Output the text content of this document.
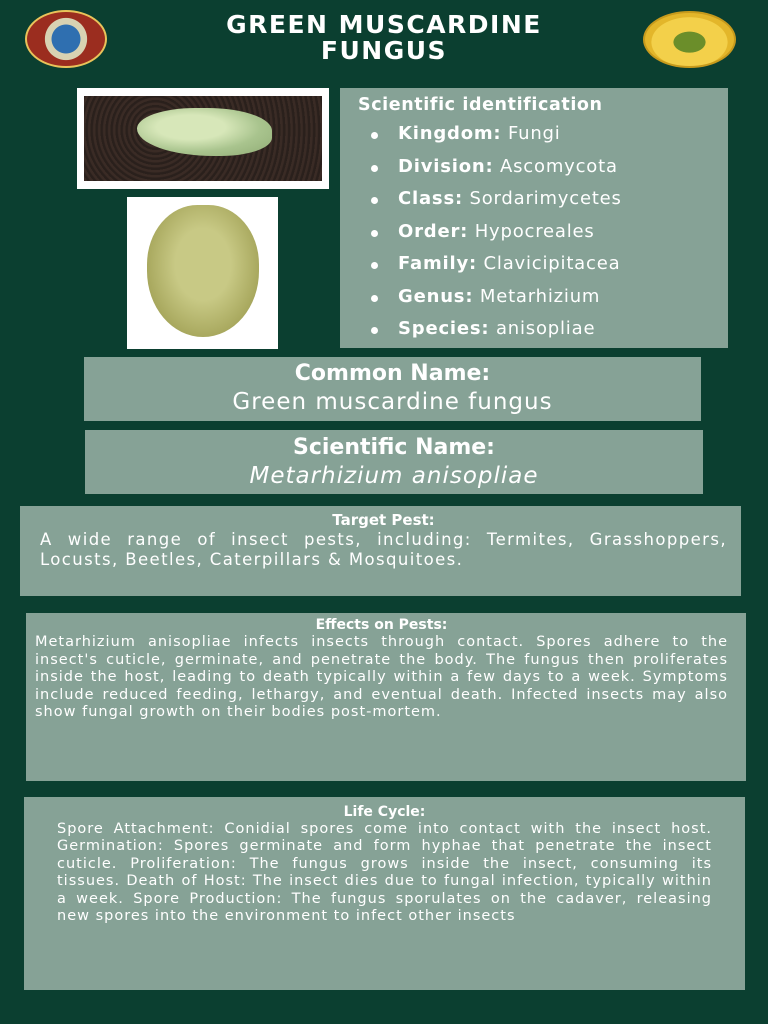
GREEN MUSCARDINE
FUNGUS
Scientific identification
Kingdom: Fungi
Division: Ascomycota
Class: Sordarimycetes
Order: Hypocreales
Family: Clavicipitacea
Genus: Metarhizium
Species: anisopliae
Common Name:
Green muscardine fungus
Scientific Name:
Metarhizium anisopliae
Target Pest:
A wide range of insect pests, including: Termites, Grasshoppers, Locusts, Beetles, Caterpillars & Mosquitoes.
Effects on Pests:
Metarhizium anisopliae infects insects through contact. Spores adhere to the insect's cuticle, germinate, and penetrate the body. The fungus then proliferates inside the host, leading to death typically within a few days to a week. Symptoms include reduced feeding, lethargy, and eventual death. Infected insects may also show fungal growth on their bodies post-mortem.
Life Cycle:
Spore Attachment: Conidial spores come into contact with the insect host. Germination: Spores germinate and form hyphae that penetrate the insect cuticle. Proliferation: The fungus grows inside the insect, consuming its tissues. Death of Host: The insect dies due to fungal infection, typically within a week. Spore Production: The fungus sporulates on the cadaver, releasing new spores into the environment to infect other insects
